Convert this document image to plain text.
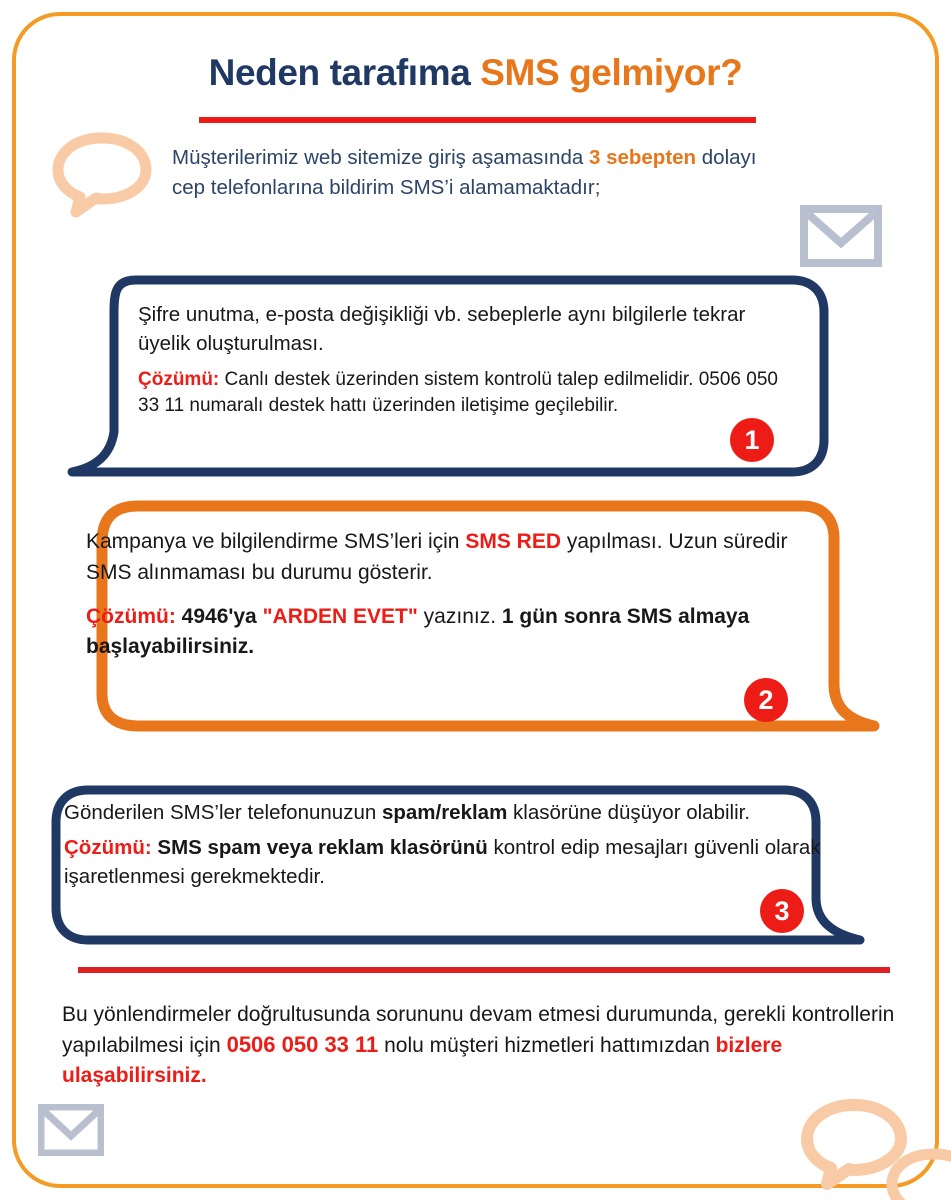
Neden tarafıma SMS gelmiyor?
Müşterilerimiz web sitemize giriş aşamasında 3 sebepten dolayı cep telefonlarına bildirim SMS’i alamamaktadır;
Şifre unutma, e-posta değişikliği vb. sebeplerle aynı bilgilerle tekrar üyelik oluşturulması.
Çözümü: Canlı destek üzerinden sistem kontrolü talep edilmelidir. 0506 050 33 11 numaralı destek hattı üzerinden iletişime geçilebilir.
1
Kampanya ve bilgilendirme SMS’leri için SMS RED yapılması. Uzun süredir SMS alınmaması bu durumu gösterir.
Çözümü: 4946'ya "ARDEN EVET" yazınız. 1 gün sonra SMS almaya başlayabilirsiniz.
2
Gönderilen SMS’ler telefonunuzun spam/reklam klasörüne düşüyor olabilir.
Çözümü: SMS spam veya reklam klasörünü kontrol edip mesajları güvenli olarak işaretlenmesi gerekmektedir.
3
Bu yönlendirmeler doğrultusunda sorununu devam etmesi durumunda, gerekli kontrollerin yapılabilmesi için 0506 050 33 11 nolu müşteri hizmetleri hattımızdan bizlere ulaşabilirsiniz.
